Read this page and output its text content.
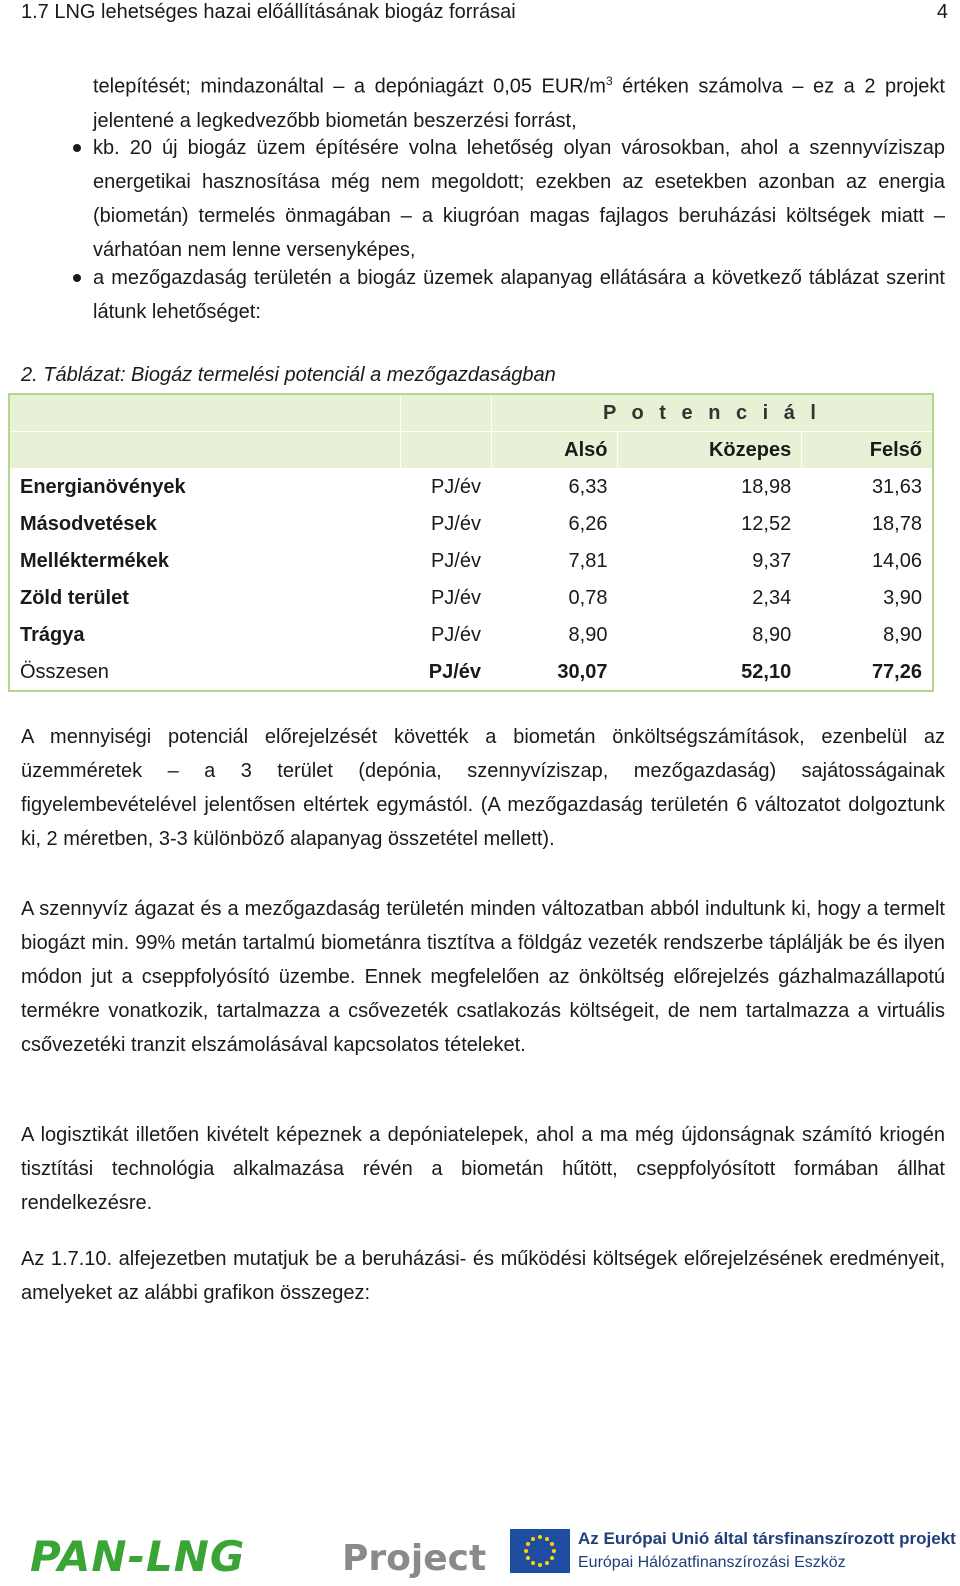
1.7 LNG lehetséges hazai előállításának biogáz forrásai	4
telepítését; mindazonáltal – a depóniagázt 0,05 EUR/$m^3$ értéken számolva – ez a 2 projekt jelentené a legkedvezőbb biometán beszerzési forrást,
kb. 20 új biogáz üzem építésére volna lehetőség olyan városokban, ahol a szennyvíziszap energetikai hasznosítása még nem megoldott; ezekben az esetekben azonban az energia (biometán) termelés önmagában – a kiugróan magas fajlagos beruházási költségek miatt – várhatóan nem lenne versenyképes,
a mezőgazdaság területén a biogáz üzemek alapanyag ellátására a következő táblázat szerint látunk lehetőséget:
2. Táblázat: Biogáz termelési potenciál a mezőgazdaságban
		P o t e n c i á l		
		Alsó	Közepes	Felső
Energianövények	PJ/év	6,33	18,98	31,63
Másodvetések	PJ/év	6,26	12,52	18,78
Melléktermékek	PJ/év	7,81	9,37	14,06
Zöld terület	PJ/év	0,78	2,34	3,90
Trágya	PJ/év	8,90	8,90	8,90
Összesen	PJ/év	30,07	52,10	77,26

A mennyiségi potenciál előrejelzését követték a biometán önköltségszámítások, ezenbelül az üzemméretek – a 3 terület (depónia, szennyvíziszap, mezőgazdaság) sajátosságainak figyelembevételével jelentősen eltértek egymástól. (A mezőgazdaság területén 6 változatot dolgoztunk ki, 2 méretben, 3-3 különböző alapanyag összetétel mellett).

A szennyvíz ágazat és a mezőgazdaság területén minden változatban abból indultunk ki, hogy a termelt biogázt min. 99% metán tartalmú biometánra tisztítva a földgáz vezeték rendszerbe táplálják be és ilyen módon jut a cseppfolyósító üzembe. Ennek megfelelően az önköltség előrejelzés gázhalmazállapotú termékre vonatkozik, tartalmazza a csővezeték csatlakozás költségeit, de nem tartalmazza a virtuális csővezetéki tranzit elszámolásával kapcsolatos tételeket.

A logisztikát illetően kivételt képeznek a depóniatelepek, ahol a ma még újdonságnak számító kriogén tisztítási technológia alkalmazása révén a biometán hűtött, cseppfolyósított formában állhat rendelkezésre.

Az 1.7.10. alfejezetben mutatjuk be a beruházási- és működési költségek előrejelzésének eredményeit, amelyeket az alábbi grafikon összegez:

PAN-LNG	Project	Az Európai Unió által társfinanszírozott projekt
Európai Hálózatfinanszírozási Eszköz
